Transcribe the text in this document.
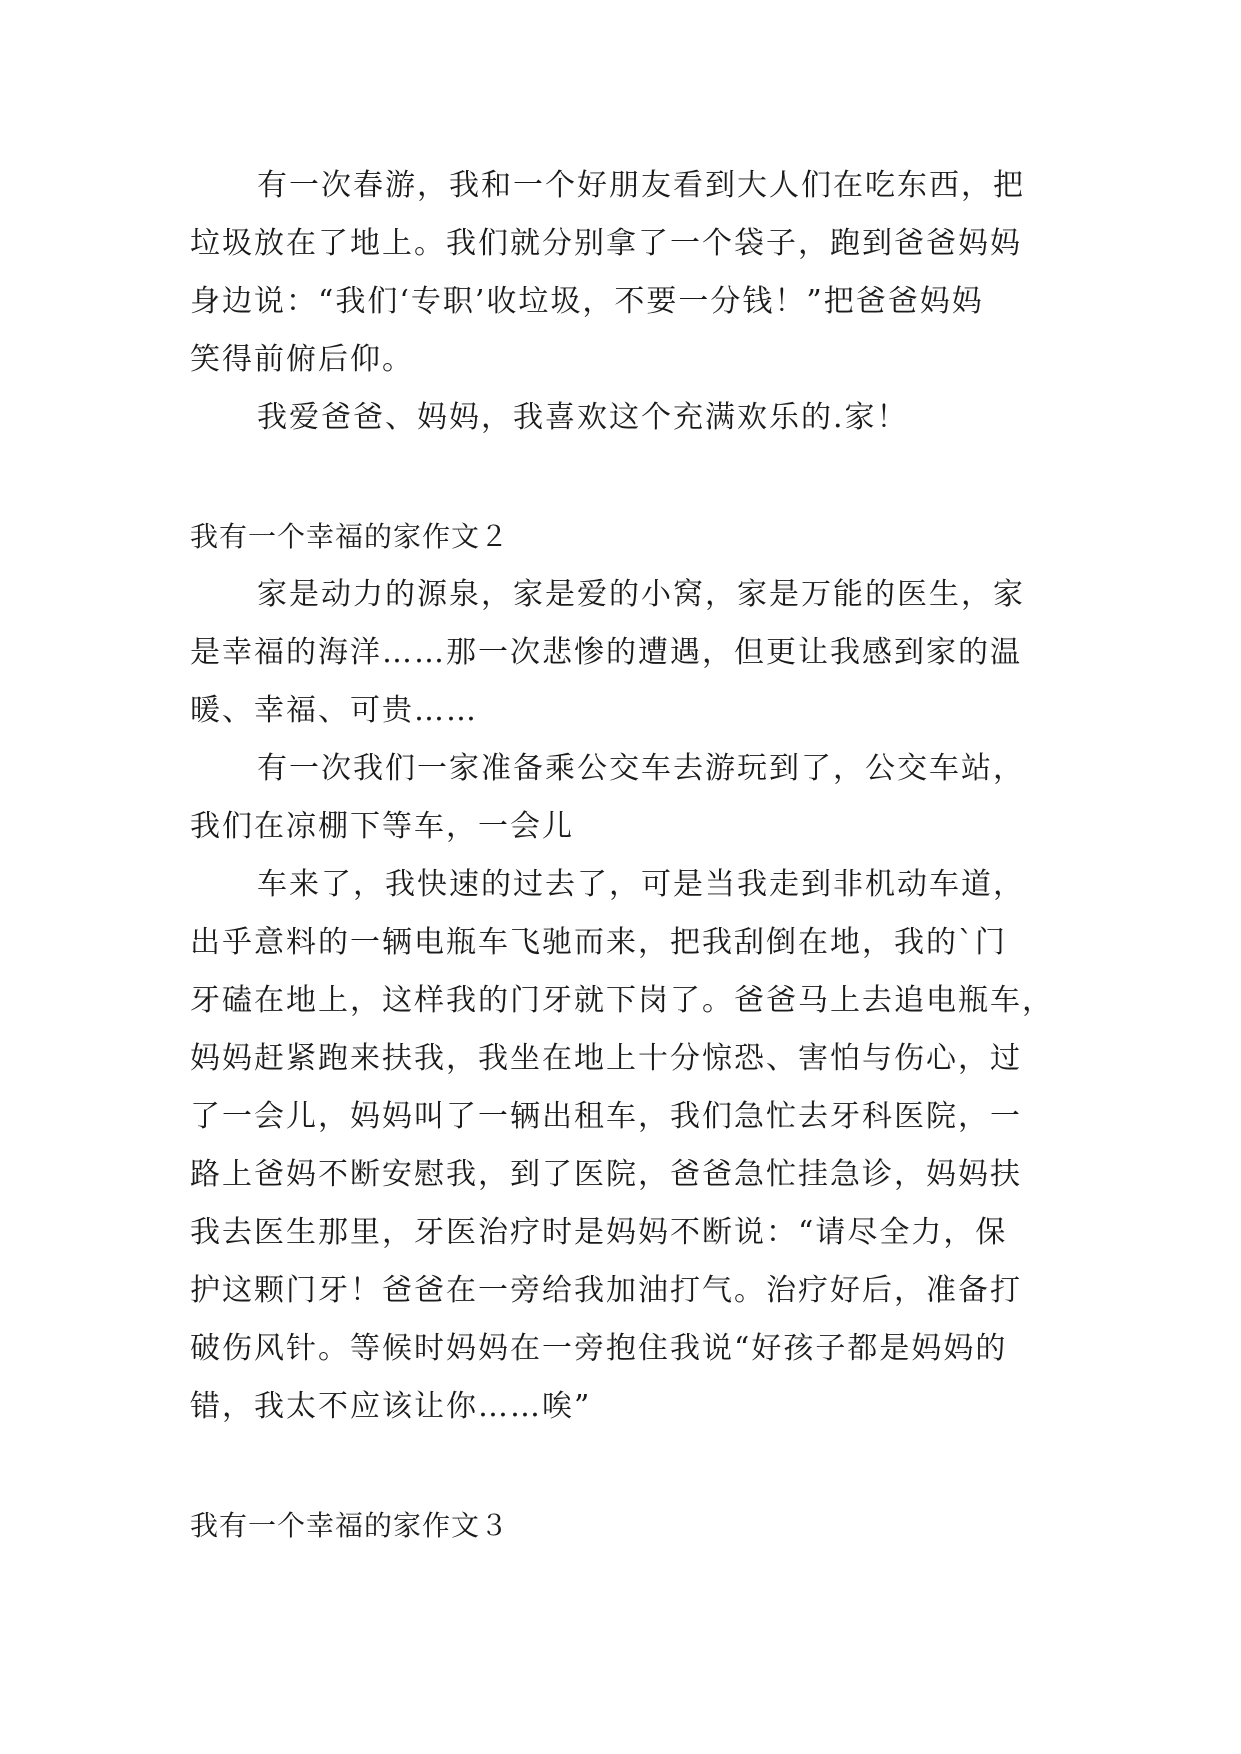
有一次春游，我和一个好朋友看到大人们在吃东西，把
垃圾放在了地上。我们就分别拿了一个袋子，跑到爸爸妈妈
身边说：“我们‘专职’收垃圾，不要一分钱！”把爸爸妈妈
笑得前俯后仰。
我爱爸爸、妈妈，我喜欢这个充满欢乐的.家！
我有一个幸福的家作文２
家是动力的源泉，家是爱的小窝，家是万能的医生，家
是幸福的海洋……那一次悲惨的遭遇，但更让我感到家的温
暖、幸福、可贵……
有一次我们一家准备乘公交车去游玩到了，公交车站，
我们在凉棚下等车，一会儿
车来了，我快速的过去了，可是当我走到非机动车道，
出乎意料的一辆电瓶车飞驰而来，把我刮倒在地，我的`门
牙磕在地上，这样我的门牙就下岗了。爸爸马上去追电瓶车，
妈妈赶紧跑来扶我，我坐在地上十分惊恐、害怕与伤心，过
了一会儿，妈妈叫了一辆出租车，我们急忙去牙科医院，一
路上爸妈不断安慰我，到了医院，爸爸急忙挂急诊，妈妈扶
我去医生那里，牙医治疗时是妈妈不断说：“请尽全力，保
护这颗门牙！爸爸在一旁给我加油打气。治疗好后，准备打
破伤风针。等候时妈妈在一旁抱住我说“好孩子都是妈妈的
错，我太不应该让你……唉”
我有一个幸福的家作文３
